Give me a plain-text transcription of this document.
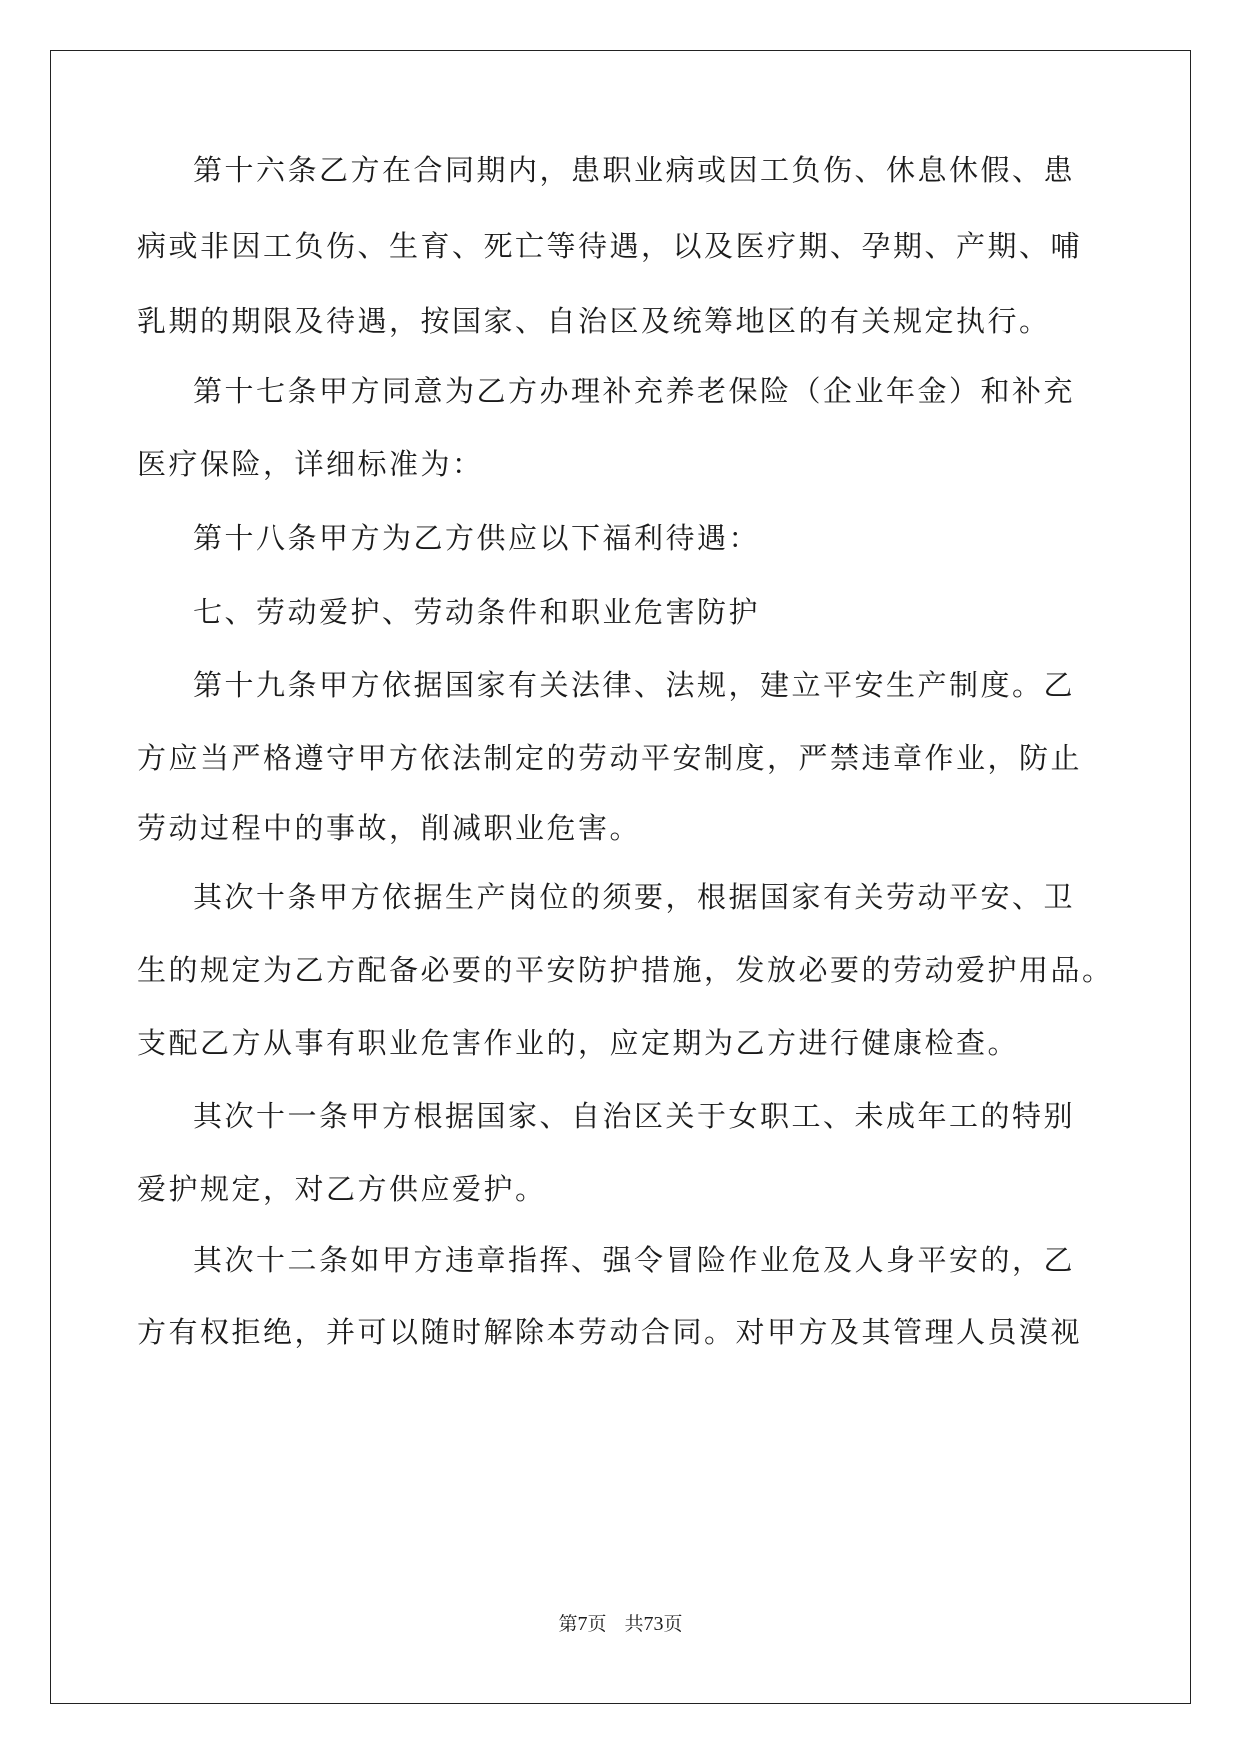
第十六条乙方在合同期内，患职业病或因工负伤、休息休假、患
病或非因工负伤、生育、死亡等待遇，以及医疗期、孕期、产期、哺
乳期的期限及待遇，按国家、自治区及统筹地区的有关规定执行。
第十七条甲方同意为乙方办理补充养老保险（企业年金）和补充
医疗保险，详细标准为：
第十八条甲方为乙方供应以下福利待遇：
七、劳动爱护、劳动条件和职业危害防护
第十九条甲方依据国家有关法律、法规，建立平安生产制度。乙
方应当严格遵守甲方依法制定的劳动平安制度，严禁违章作业，防止
劳动过程中的事故，削减职业危害。
其次十条甲方依据生产岗位的须要，根据国家有关劳动平安、卫
生的规定为乙方配备必要的平安防护措施，发放必要的劳动爱护用品。
支配乙方从事有职业危害作业的，应定期为乙方进行健康检查。
其次十一条甲方根据国家、自治区关于女职工、未成年工的特别
爱护规定，对乙方供应爱护。
其次十二条如甲方违章指挥、强令冒险作业危及人身平安的，乙
方有权拒绝，并可以随时解除本劳动合同。对甲方及其管理人员漠视
第7页 共73页
